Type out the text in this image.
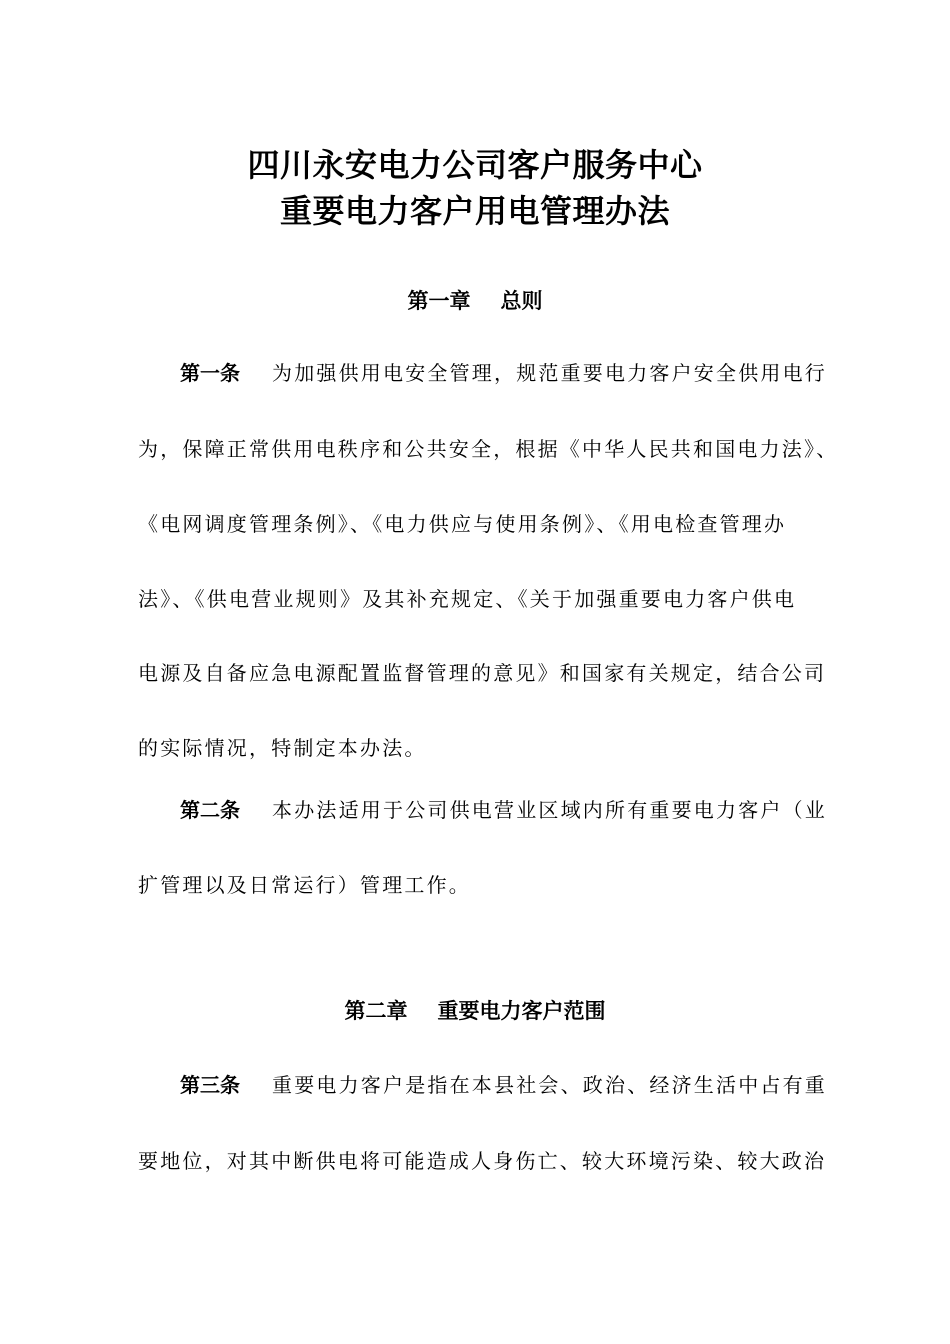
四川永安电力公司客户服务中心
重要电力客户用电管理办法
第一章 总则
第一条 为加强供用电安全管理，规范重要电力客户安全供用电行
为，保障正常供用电秩序和公共安全，根据《中华人民共和国电力法》、
《电网调度管理条例》、《电力供应与使用条例》、《用电检查管理办
法》、《供电营业规则》及其补充规定、《关于加强重要电力客户供电
电源及自备应急电源配置监督管理的意见》和国家有关规定，结合公司
的实际情况，特制定本办法。
第二条 本办法适用于公司供电营业区域内所有重要电力客户（业
扩管理以及日常运行）管理工作。
第二章 重要电力客户范围
第三条 重要电力客户是指在本县社会、政治、经济生活中占有重
要地位，对其中断供电将可能造成人身伤亡、较大环境污染、较大政治
